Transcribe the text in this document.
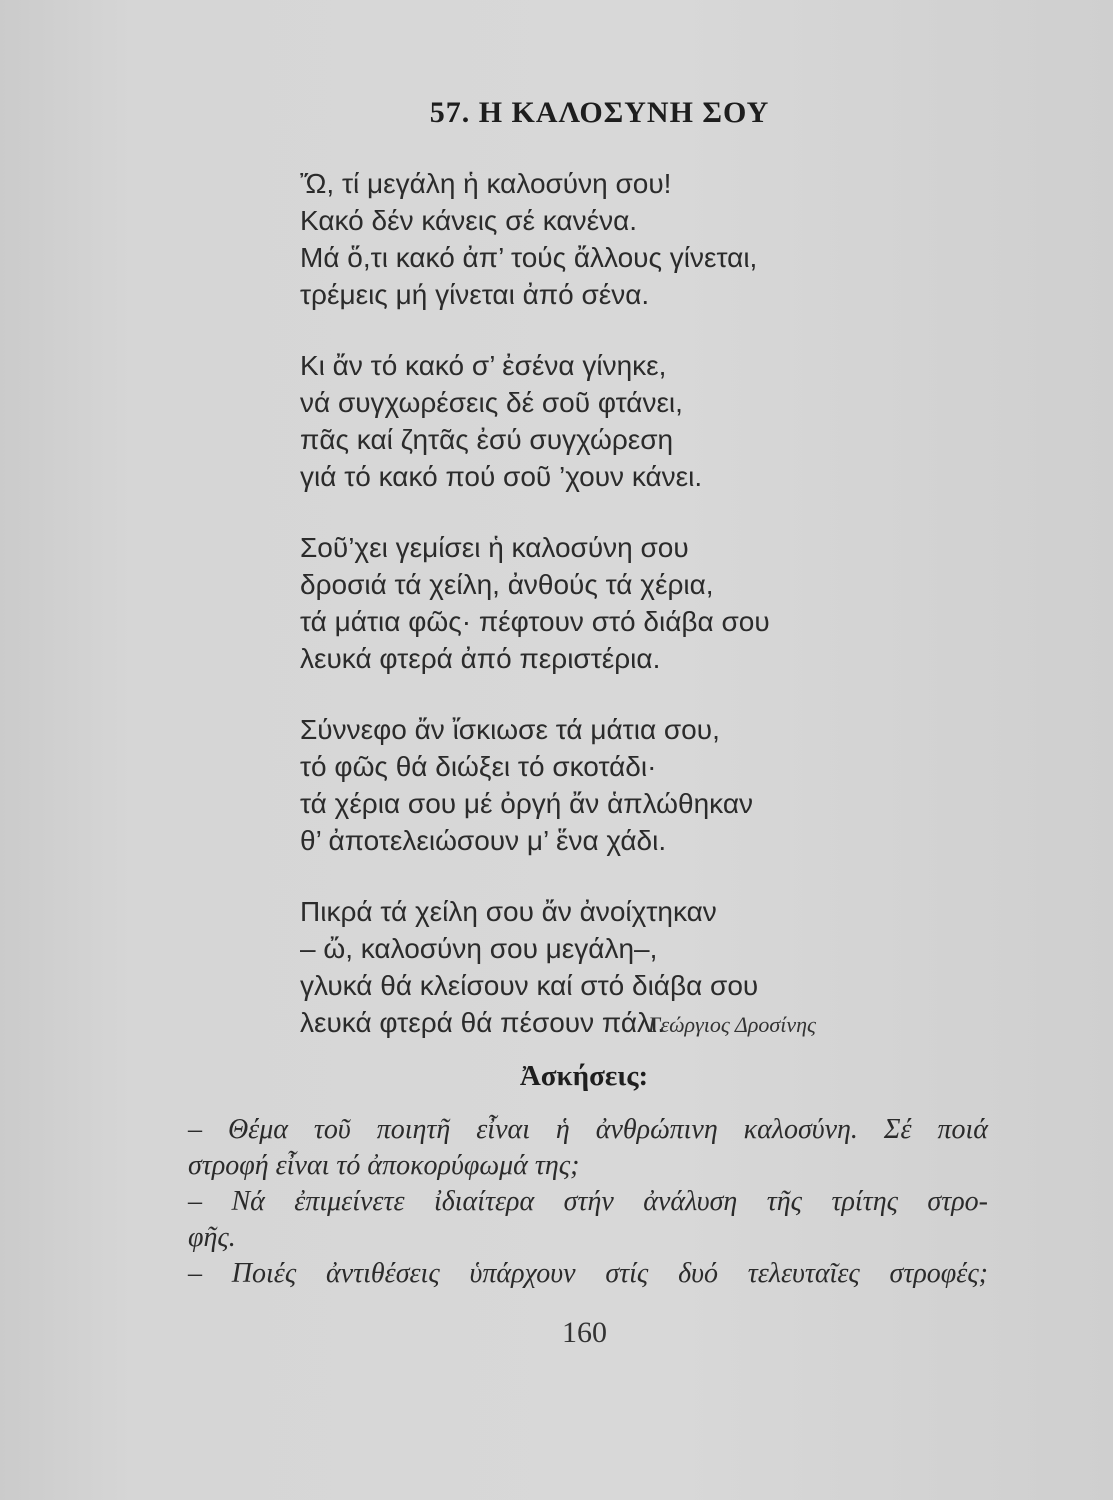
57. Η ΚΑΛΟΣΥΝΗ ΣΟΥ
Ὤ, τί μεγάλη ἡ καλοσύνη σου!
Κακό δέν κάνεις σέ κανένα.
Μά ὅ,τι κακό ἀπ’ τούς ἄλλους γίνεται,
τρέμεις μή γίνεται ἀπό σένα.
Κι ἄν τό κακό σ’ ἐσένα γίνηκε,
νά συγχωρέσεις δέ σοῦ φτάνει,
πᾶς καί ζητᾶς ἐσύ συγχώρεση
γιά τό κακό πού σοῦ ’χουν κάνει.
Σοῦ’χει γεμίσει ἡ καλοσύνη σου
δροσιά τά χείλη, ἀνθούς τά χέρια,
τά μάτια φῶς· πέφτουν στό διάβα σου
λευκά φτερά ἀπό περιστέρια.
Σύννεφο ἄν ἴσκιωσε τά μάτια σου,
τό φῶς θά διώξει τό σκοτάδι·
τά χέρια σου μέ ὀργή ἄν ἁπλώθηκαν
θ’ ἀποτελειώσουν μ’ ἕνα χάδι.
Πικρά τά χείλη σου ἄν ἀνοίχτηκαν
– ὤ, καλοσύνη σου μεγάλη–,
γλυκά θά κλείσουν καί στό διάβα σου
λευκά φτερά θά πέσουν πάλι.
Γεώργιος Δροσίνης
Ἀσκήσεις:
– Θέμα τοῦ ποιητῆ εἶναι ἡ ἀνθρώπινη καλοσύνη. Σέ ποιά
στροφή εἶναι τό ἀποκορύφωμά της;
– Νά ἐπιμείνετε ἰδιαίτερα στήν ἀνάλυση τῆς τρίτης στρο-
φῆς.
– Ποιές ἀντιθέσεις ὑπάρχουν στίς δυό τελευταῖες στροφές;
160
